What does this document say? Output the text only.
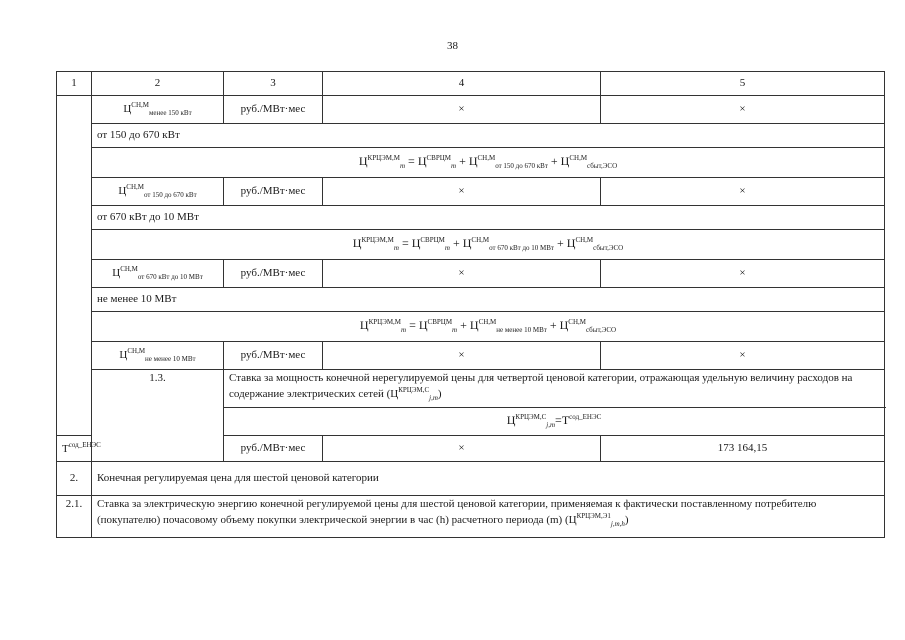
38
1	2	3	4	5
	$Ц^{СН,М}_{менее 150 кВт}$	руб./МВт·мес	×	×
	от 150 до 670 кВт			
	$Ц^{КРЦЭМ,М}_m = Ц^{СВРЦМ}_m + Ц^{СН,М}_{от 150 до 670 кВт} + Ц^{СН,М}_{сбыт,ЭСО}$
	$Ц^{СН,М}_{от 150 до 670 кВт}$	руб./МВт·мес	×	×
	от 670 кВт до 10 МВт			
	$Ц^{КРЦЭМ,М}_m = Ц^{СВРЦМ}_m + Ц^{СН,М}_{от 670 кВт до 10 МВт} + Ц^{СН,М}_{сбыт,ЭСО}$
	$Ц^{СН,М}_{от 670 кВт до 10 МВт}$	руб./МВт·мес	×	×
	не менее 10 МВт			
	$Ц^{КРЦЭМ,М}_m = Ц^{СВРЦМ}_m + Ц^{СН,М}_{не менее 10 МВт} + Ц^{СН,М}_{сбыт,ЭСО}$
	$Ц^{СН,М}_{не менее 10 МВт}$	руб./МВт·мес	×	×
	1.3.	Ставка за мощность конечной нерегулируемой цены для четвертой ценовой категории, отражающая удельную величину расходов на содержание электрических сетей $(Ц^{КРЦЭМ,С}_{j,m})$		
		$Ц^{КРЦЭМ,С}_{j,m}=Т^{сод\_ЕНЭС}$
$Т^{сод\_ЕНЭС}$		руб./МВт·мес	×	173 164,15
2.	Конечная регулируемая цена для шестой ценовой категории			
2.1.	Ставка за электрическую энергию конечной регулируемой цены для шестой ценовой категории, применяемая к фактически поставленному потребителю (покупателю) почасовому объему покупки электрической энергии в час (h) расчетного периода (m) $(Ц^{КРЦЭМ,Э1}_{j,m,h})$			
